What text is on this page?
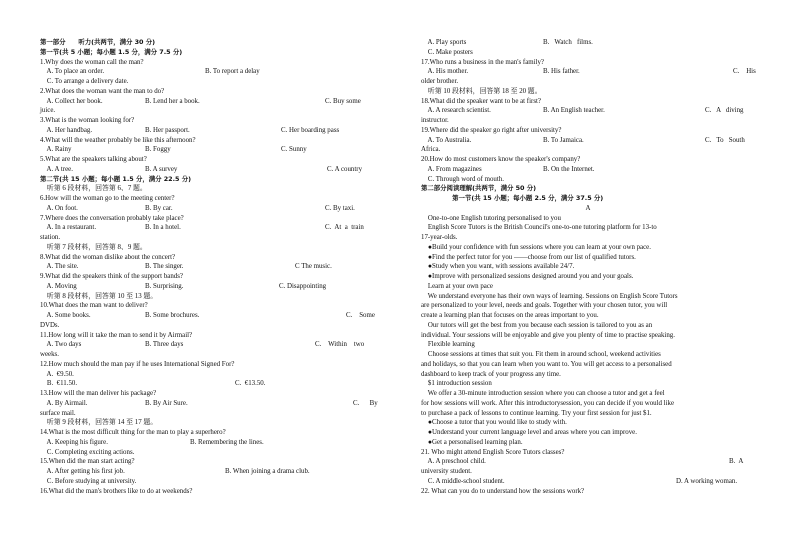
第一部分　　听力(共两节，满分 30 分)
第一节(共 5 小题；每小题 1.5 分，满分 7.5 分)
1.Why does the woman call the man?
A. To place an order.	B. To report a delay
C. To arrange a delivery date.
2.What does the woman want the man to do?
A. Collect her book.	B. Lend her a book.	C. Buy some
juice.
3.What is the woman looking for?
A. Her handbag.	B. Her passport.	C. Her boarding pass
4.What will the weather probably be like this afternoon?
A. Rainy	B. Foggy	C. Sunny
5.What are the speakers talking about?
A. A tree.	B. A survey	C. A country
第二节(共 15 小题；每小题 1.5 分，满分 22.5 分)
听第 6 段材料，回答第 6、7 题。
6.How will the woman go to the meeting center?
A. On foot.	B. By car.	C. By taxi.
7.Where does the conversation probably take place?
A. In a restaurant.	B. In a hotel.	C.  At  a  train
station.
听第 7 段材料，回答第 8、9 题。
8.What did the woman dislike about the concert?
A. The site.	B. The singer.	C The music.
9.What did the speakers think of the support bands?
A. Moving	B. Surprising.	C. Disappointing
听第 8 段材料，回答第 10 至 13 题。
10.What does the man want to deliver?
A. Some books.	B. Some brochures.	C.    Some
DVDs.
11.How long will it take the man to send it by Airmail?
A. Two days	B. Three days	C.    Within    two
weeks.
12.How much should the man pay if he uses International Signed For?
A.  €9.50.
B.  €11.50.	C.  €13.50.
13.How will the man deliver his package?
A. By Airmail.	B. By Air Sure.	C.      By
surface mail.
听第 9 段材料，回答第 14 至 17 题。
14.What is the most difficult thing for the man to play a superhero?
A. Keeping his figure.	B. Remembering the lines.
C. Completing exciting actions.
15.When did the man start acting?
A. After getting his first job.	B. When joining a drama club.
C. Before studying at university.
16.What did the man's brothers like to do at weekends?
A. Play sports	B.   Watch   films.
C. Make posters
17.Who runs a business in the man's family?
A. His mother.	B. His father.	C.    His
older brother.
听第 10 段材料，回答第 18 至 20 题。
18.What did the speaker want to be at first?
A. A research scientist.	B. An English teacher.	C.   A   diving
instructor.
19.Where did the speaker go right after university?
A. To Australia.	B. To Jamaica.	C.   To   South
Africa.
20.How do most customers know the speaker's company?
A. From magazines	B. On the Internet.
C. Through word of mouth.
第二部分阅读理解(共两节，满分 50 分)
第一节(共 15 小题；每小题 2.5 分，满分 37.5 分)
A
One-to-one English tutoring personalised to you
English Score Tutors is the British Council's one-to-one tutoring platform for 13-to
17-year-olds.
●Build your confidence with fun sessions where you can learn at your own pace.
●Find the perfect tutor for you ——choose from our list of qualified tutors.
●Study when you want, with sessions available 24/7.
●Improve with personalized sessions designed around you and your goals.
Learn at your own pace
We understand everyone has their own ways of learning. Sessions on English Score Tutors
are personalized to your level, needs and goals. Together with your chosen tutor, you will
create a learning plan that focuses on the areas important to you.
Our tutors will get the best from you because each session is tailored to you as an
individual. Your sessions will be enjoyable and give you plenty of time to practise speaking.
Flexible learning
Choose sessions at times that suit you. Fit them in around school, weekend activities
and holidays, so that you can learn when you want to. You will get access to a personalised
dashboard to keep track of your progress any time.
$1 introduction session
We offer a 30-minute introduction session where you can choose a tutor and get a feel
for how sessions will work. After this introductorysession, you can decide if you would like
to purchase a pack of lessons to continue learning. Try your first session for just $1.
●Choose a tutor that you would like to study with.
●Understand your current language level and areas where you can improve.
●Get a personalised learning plan.
21. Who might attend English Score Tutors classes?
A. A preschool child.	B.  A
university student.
C. A middle-school student.	D. A working woman.
22. What can you do to understand how the sessions work?
